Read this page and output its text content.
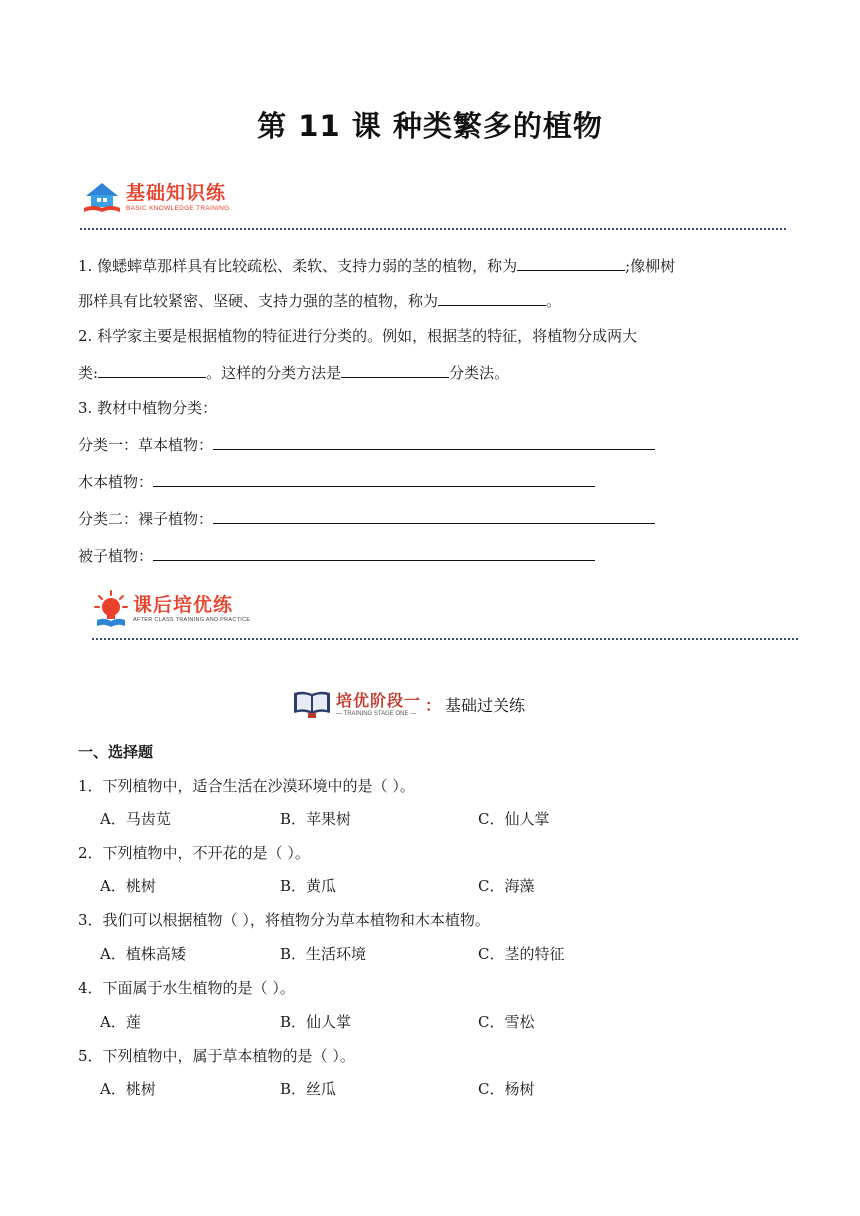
第 11 课 种类繁多的植物
基础知识练
BASIC KNOWLEDGE TRAINING
1. 像蟋蟀草那样具有比较疏松、柔软、支持力弱的茎的植物，称为	;像柳树
那样具有比较紧密、坚硬、支持力强的茎的植物，称为	。
2. 科学家主要是根据植物的特征进行分类的。例如，根据茎的特征，将植物分成两大
类:	。这样的分类方法是	分类法。
3. 教材中植物分类：
分类一：草本植物：
木本植物：
分类二：裸子植物：
被子植物：
课后培优练
AFTER CLASS TRAINING AND PRACTICE
培优阶段一
— TRAINING STAGE ONE — ： 基础过关练
一、选择题
1．下列植物中，适合生活在沙漠环境中的是（ ）。
A．马齿苋	B．苹果树	C．仙人掌
2．下列植物中，不开花的是（ ）。
A．桃树	B．黄瓜	C．海藻
3．我们可以根据植物（ ），将植物分为草本植物和木本植物。
A．植株高矮	B．生活环境	C．茎的特征
4．下面属于水生植物的是（ ）。
A．莲	B．仙人掌	C．雪松
5．下列植物中，属于草本植物的是（ ）。
A．桃树	B．丝瓜	C．杨树
